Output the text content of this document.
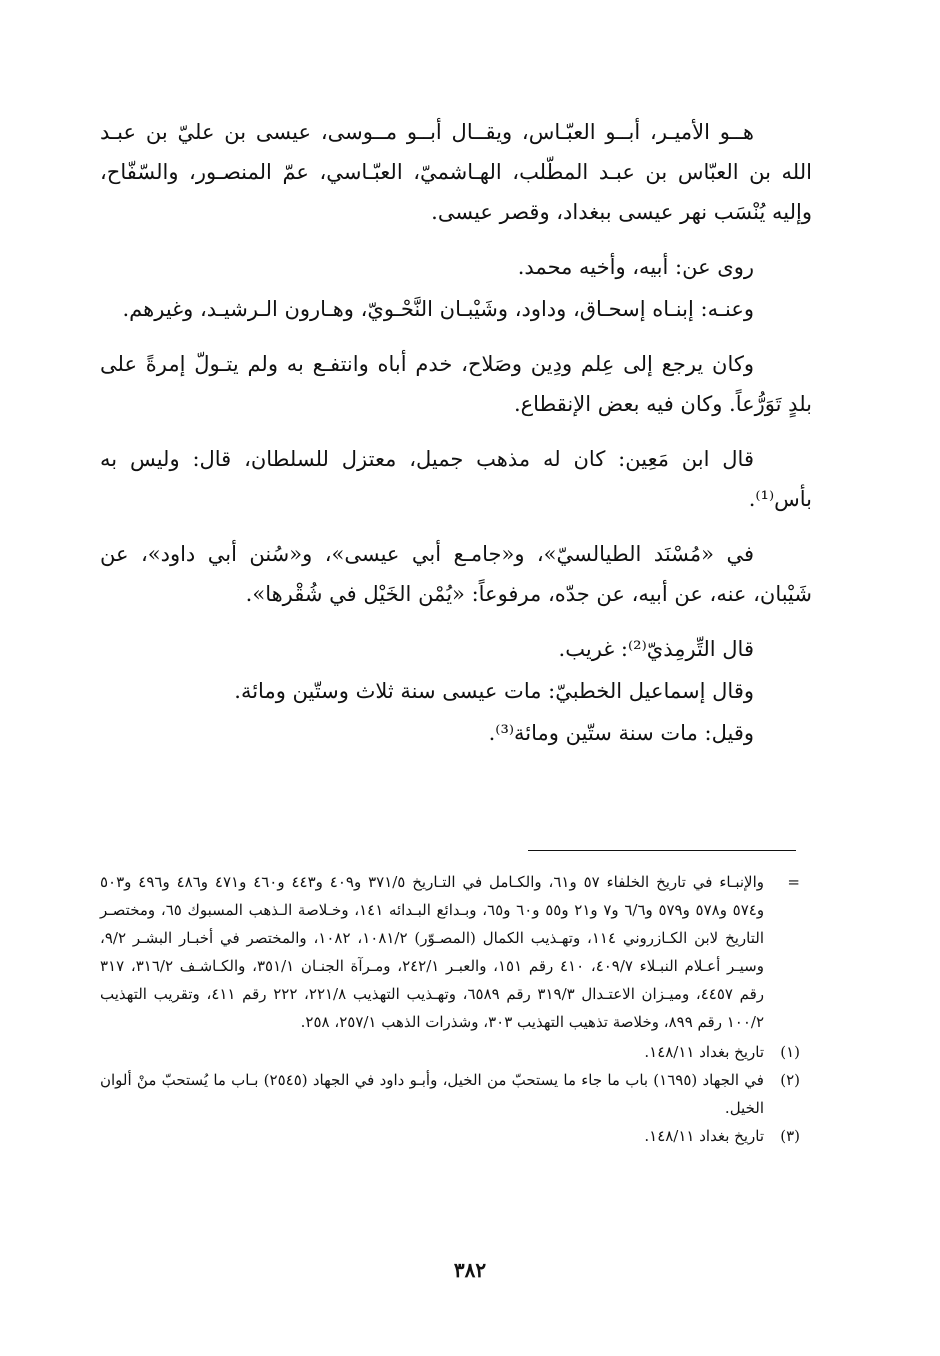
هــو الأميـر، أبــو العبّـاس، ويقــال أبــو مــوسى، عيسى بن عليّ بن عبـد الله بن العبّاس بن عبـد المطّلب، الهـاشميّ، العبّـاسي، عمّ المنصـور، والسّفّاح، وإليه يُنْسَب نهر عيسى ببغداد، وقصر عيسى.

روى عن: أبيه، وأخيه محمد.

وعنـه: إبنـاه إسحـاق، وداود، وشَيْبـان النَّحْـويّ، وهـارون الـرشيـد، وغيرهم.

وكان يرجع إلى عِلم ودِين وصَلاح، خدم أباه وانتفـع به ولم يتـولّ إمرةً على بلدٍ تَوَرُّعاً. وكان فيه بعض الإنقطاع.

قال ابن مَعِين: كان له مذهب جميل، معتزل للسلطان، قال: وليس به بأس⁽¹⁾.

في «مُسْنَد الطيالسيّ»، و«جامـع أبي عيسى»، و«سُنن أبي داود»، عن شَيْبان، عنه، عن أبيه، عن جدّه، مرفوعاً: «يُمْن الخَيْل في شُقْرها».

قال التِّرمِذيّ⁽²⁾: غريب.

وقال إسماعيل الخطبيّ: مات عيسى سنة ثلاث وستّين ومائة.

وقيل: مات سنة ستّين ومائة⁽³⁾.

=
والإنبـاء في تاريخ الخلفاء ٥٧ و٦١، والكـامل في التـاريخ ٣٧١/٥ و٤٠٩ و٤٤٣ و٤٦٠ و٤٧١ و٤٨٦ و٤٩٦ و٥٠٣ و٥٧٤ و٥٧٨ و٥٧٩ و٦/٦ و٧ و٢١ و٥٥ و٦٠ و٦٥، وبـدائع البـدائه ١٤١، وخـلاصة الـذهب المسبوك ٦٥، ومختصـر التاريخ لابن الكـازروني ١١٤، وتهـذيب الكمال (المصـوّر) ١٠٨١/٢، ١٠٨٢، والمختصر في أخبـار البشـر ٩/٢، وسيـر أعـلام النبـلاء ٤٠٩/٧، ٤١٠ رقم ١٥١، والعبـر ٢٤٢/١، ومـرآة الجنـان ٣٥١/١، والكـاشـف ٣١٦/٢، ٣١٧ رقم ٤٤٥٧، وميـزان الاعتـدال ٣١٩/٣ رقم ٦٥٨٩، وتهـذيب التهذيب ٢٢١/٨، ٢٢٢ رقم ٤١١، وتقريب التهذيب ١٠٠/٢ رقم ٨٩٩، وخلاصة تذهيب التهذيب ٣٠٣، وشذرات الذهب ٢٥٧/١، ٢٥٨.
(١)
تاريخ بغداد ١٤٨/١١.
(٢)
في الجهاد (١٦٩٥) باب ما جاء ما يستحبّ من الخيل، وأبـو داود في الجهاد (٢٥٤٥) بـاب ما يُستحبّ منْ ألوان الخيل.
(٣)
تاريخ بغداد ١٤٨/١١.
٣٨٢
